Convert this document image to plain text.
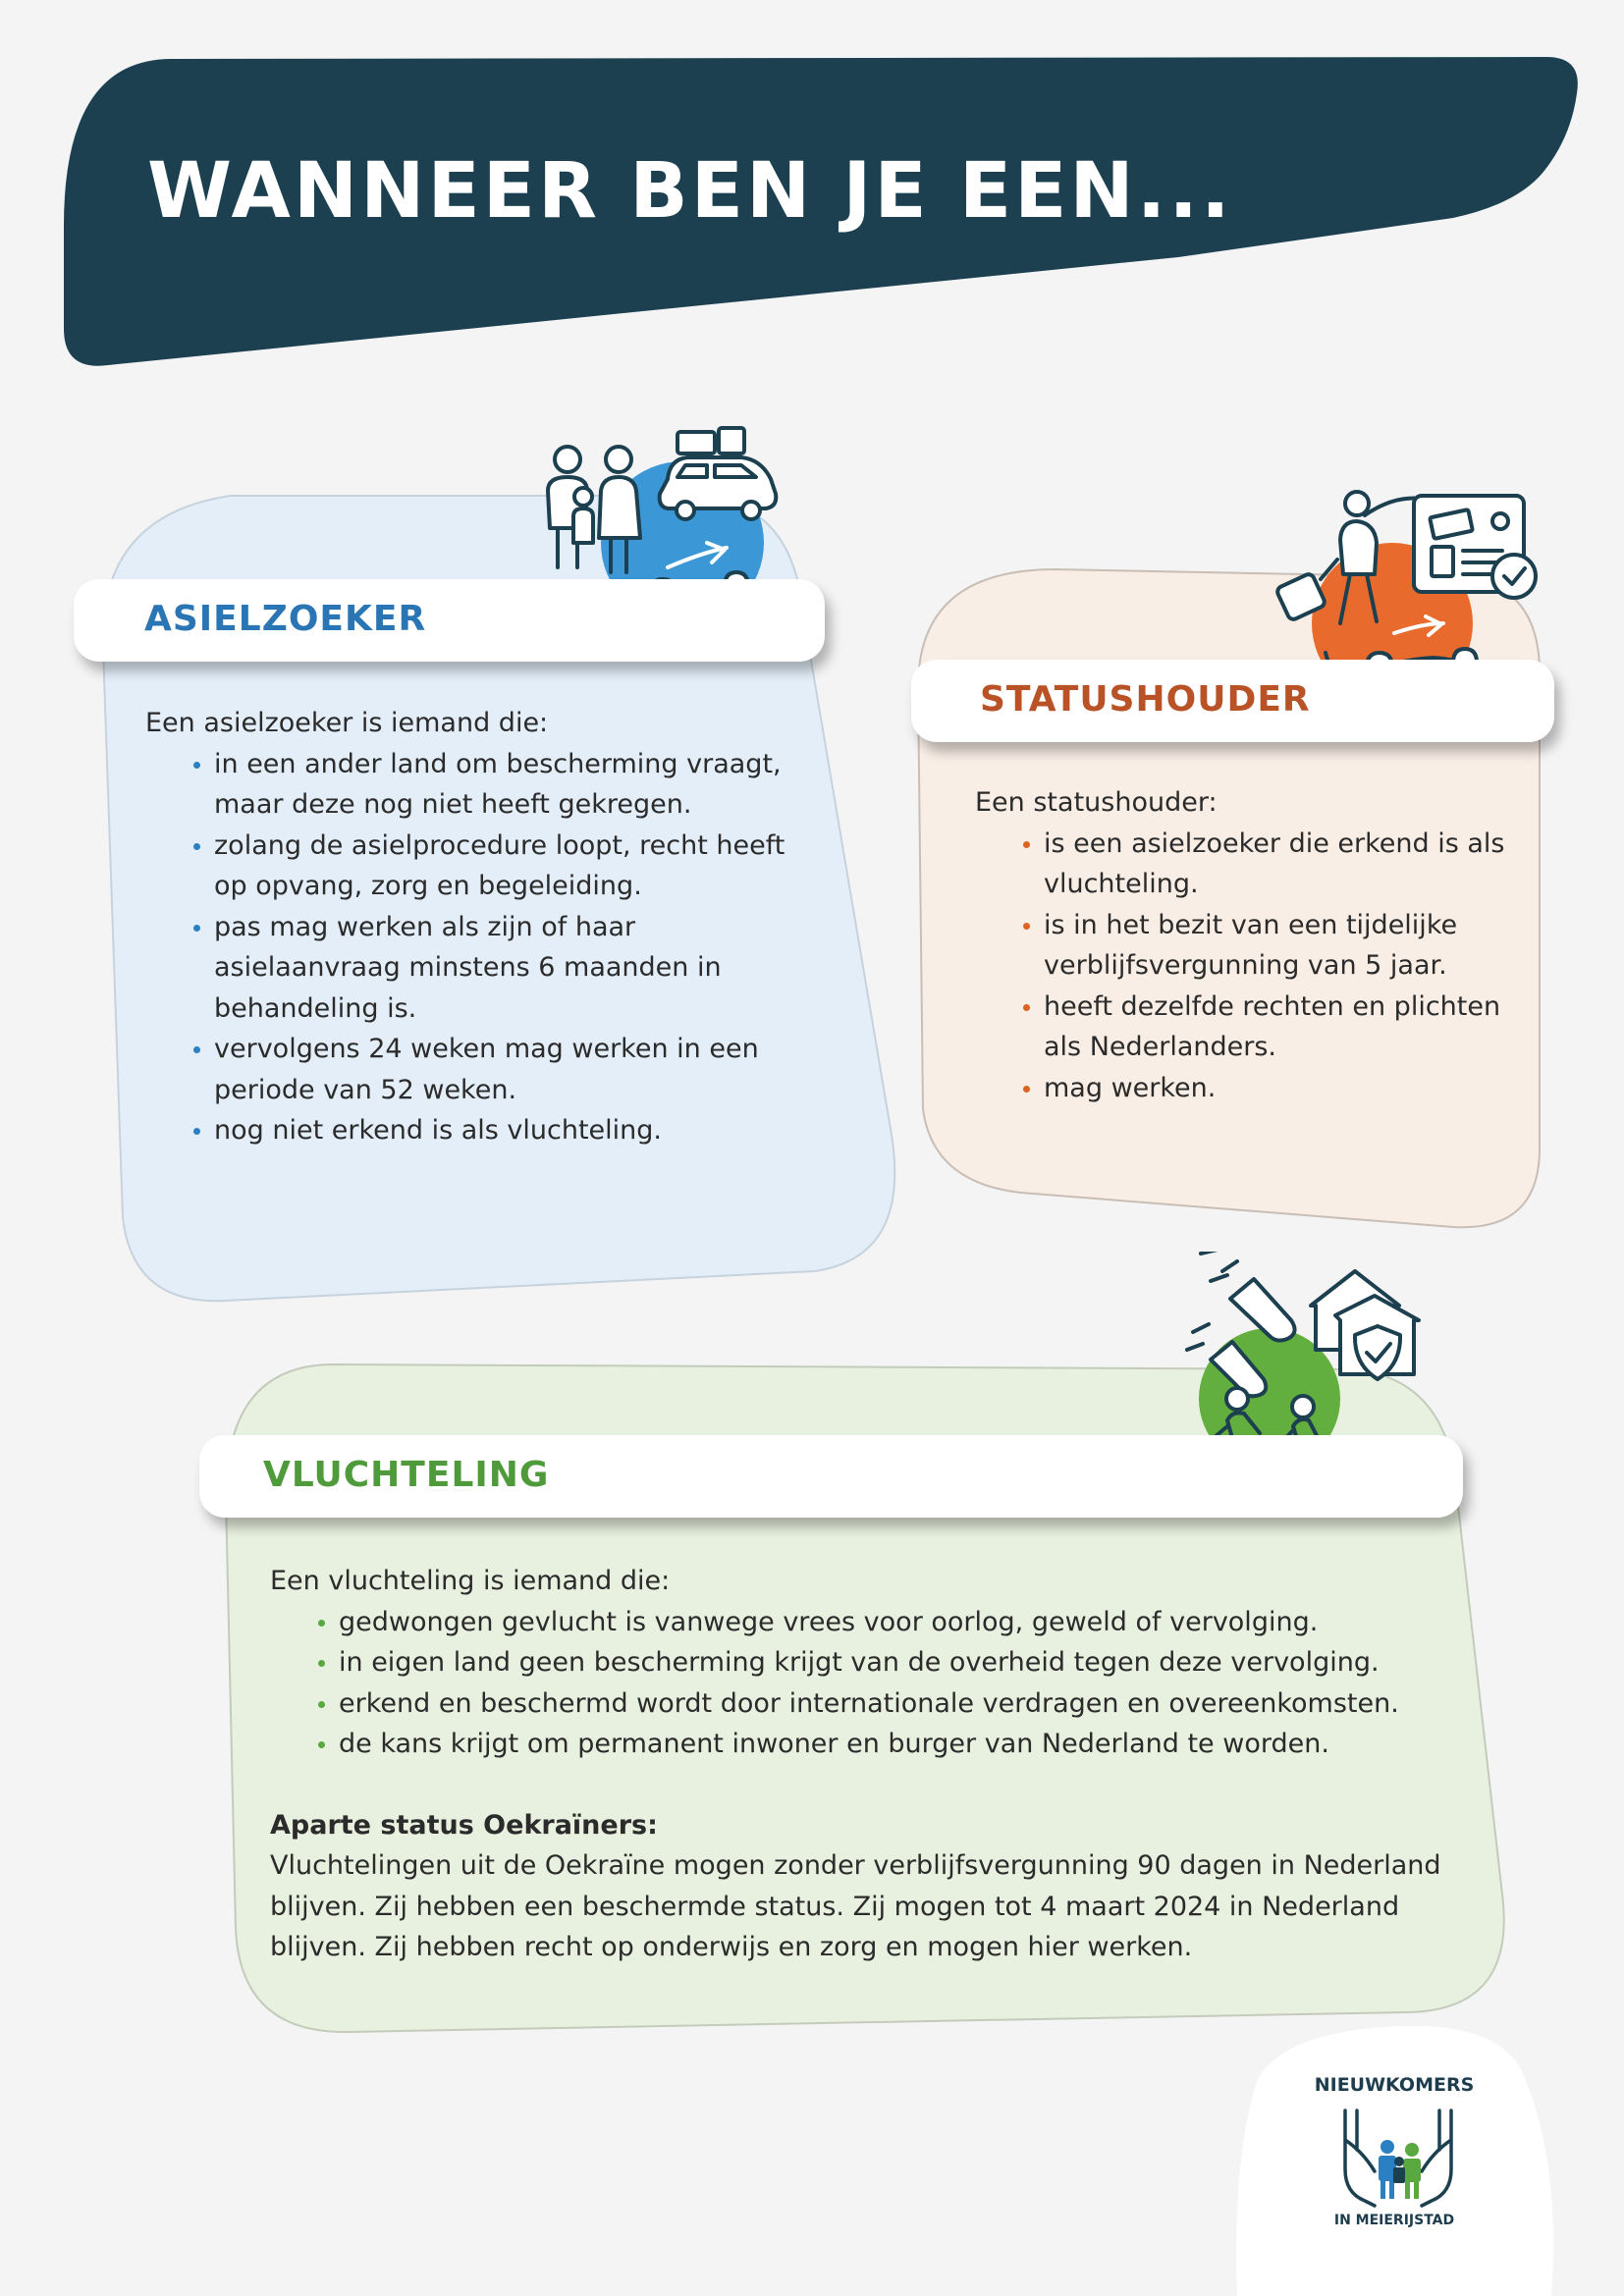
WANNEER BEN JE EEN...
ASIELZOEKER

Een asielzoeker is iemand die:

in een ander land om bescherming vraagt, maar deze nog niet heeft gekregen.
zolang de asielprocedure loopt, recht heeft op opvang, zorg en begeleiding.
pas mag werken als zijn of haar asielaanvraag minstens 6 maanden in behandeling is.
vervolgens 24 weken mag werken in een periode van 52 weken.
nog niet erkend is als vluchteling.
STATUSHOUDER

Een statushouder:

is een asielzoeker die erkend is als vluchteling.
is in het bezit van een tijdelijke verblijfsvergunning van 5 jaar.
heeft dezelfde rechten en plichten als Nederlanders.
mag werken.
VLUCHTELING

Een vluchteling is iemand die:

gedwongen gevlucht is vanwege vrees voor oorlog, geweld of vervolging.
in eigen land geen bescherming krijgt van de overheid tegen deze vervolging.
erkend en beschermd wordt door internationale verdragen en overeenkomsten.
de kans krijgt om permanent inwoner en burger van Nederland te worden.

Aparte status Oekraïners:

Vluchtelingen uit de Oekraïne mogen zonder verblijfsvergunning 90 dagen in Nederland blijven. Zij hebben een beschermde status. Zij mogen tot 4 maart 2024 in Nederland blijven. Zij hebben recht op onderwijs en zorg en mogen hier werken.

NIEUWKOMERS
IN MEIERIJSTAD
